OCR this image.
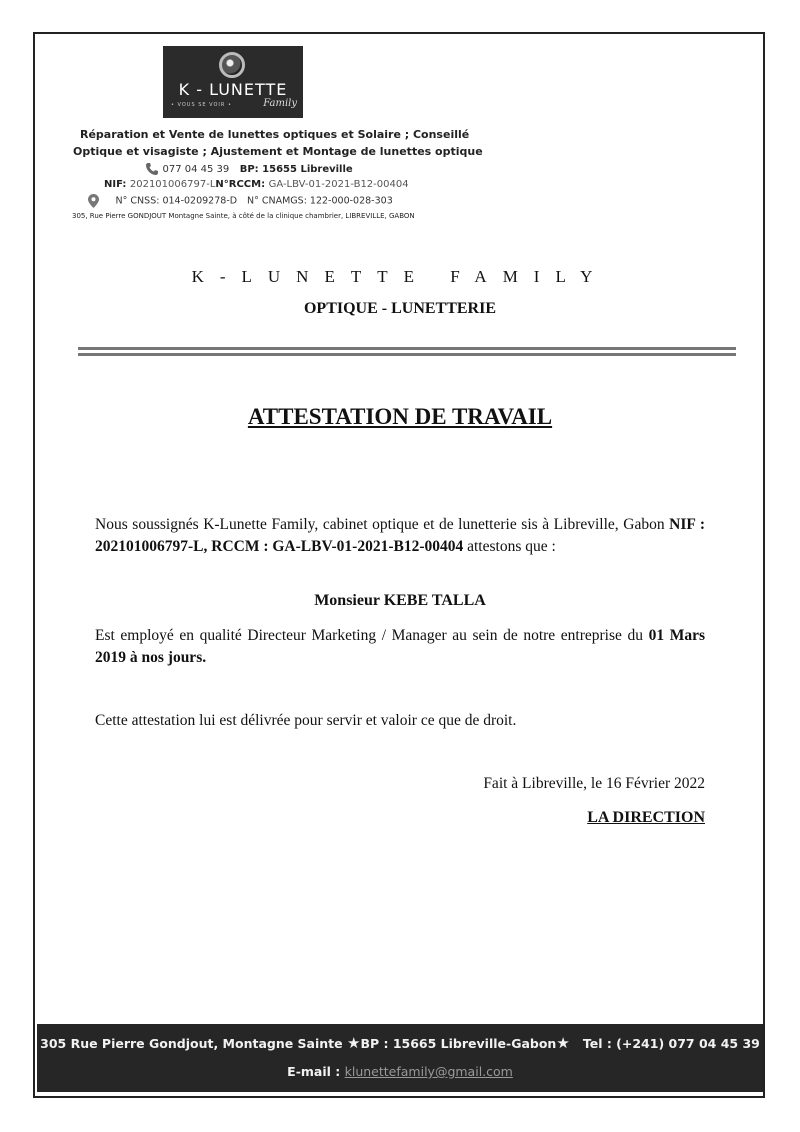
K - LUNETTE
• VOUS SE VOIR •	Family
Réparation et Vente de lunettes optiques et Solaire ; Conseillé
Optique et visagiste ; Ajustement et Montage de lunettes optique
077 04 45 39 BP: 15655 Libreville
NIF: 202101006797-LN°RCCM: GA-LBV-01-2021-B12-00404
N° CNSS: 014-0209278-D N° CNAMGS: 122-000-028-303
305, Rue Pierre GONDJOUT Montagne Sainte, à côté de la clinique chambrier, LIBREVILLE, GABON
K-LUNETTE FAMILY
OPTIQUE - LUNETTERIE
ATTESTATION DE TRAVAIL
Nous soussignés K-Lunette Family, cabinet optique et de lunetterie sis à Libreville, Gabon NIF : 202101006797-L, RCCM : GA-LBV-01-2021-B12-00404 attestons que :
Monsieur KEBE TALLA
Est employé en qualité Directeur Marketing / Manager au sein de notre entreprise du 01 Mars 2019 à nos jours.
Cette attestation lui est délivrée pour servir et valoir ce que de droit.
Fait à Libreville, le 16 Février 2022
LA DIRECTION
305 Rue Pierre Gondjout, Montagne Sainte ★BP : 15665 Libreville-Gabon★ Tel : (+241) 077 04 45 39
E-mail : klunettefamily@gmail.com
